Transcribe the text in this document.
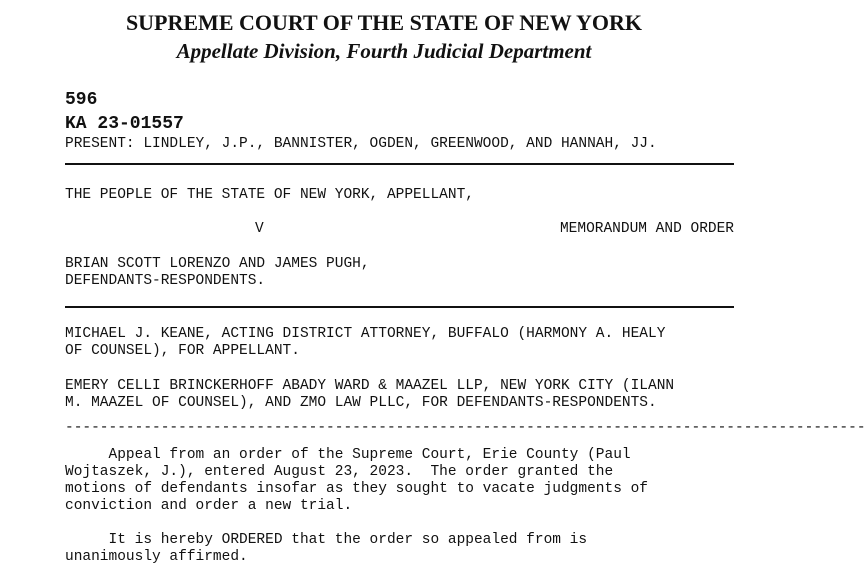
SUPREME COURT OF THE STATE OF NEW YORK
Appellate Division, Fourth Judicial Department
596
KA 23-01557
PRESENT: LINDLEY, J.P., BANNISTER, OGDEN, GREENWOOD, AND HANNAH, JJ.
THE PEOPLE OF THE STATE OF NEW YORK, APPELLANT,
V	MEMORANDUM AND ORDER
BRIAN SCOTT LORENZO AND JAMES PUGH,
DEFENDANTS-RESPONDENTS.
MICHAEL J. KEANE, ACTING DISTRICT ATTORNEY, BUFFALO (HARMONY A. HEALY
OF COUNSEL), FOR APPELLANT.
EMERY CELLI BRINCKERHOFF ABADY WARD & MAAZEL LLP, NEW YORK CITY (ILANN
M. MAAZEL OF COUNSEL), AND ZMO LAW PLLC, FOR DEFENDANTS-RESPONDENTS.
--------------------------------------------------------------------------------------------
Appeal from an order of the Supreme Court, Erie County (Paul
Wojtaszek, J.), entered August 23, 2023.  The order granted the
motions of defendants insofar as they sought to vacate judgments of
conviction and order a new trial.
It is hereby ORDERED that the order so appealed from is
unanimously affirmed.
